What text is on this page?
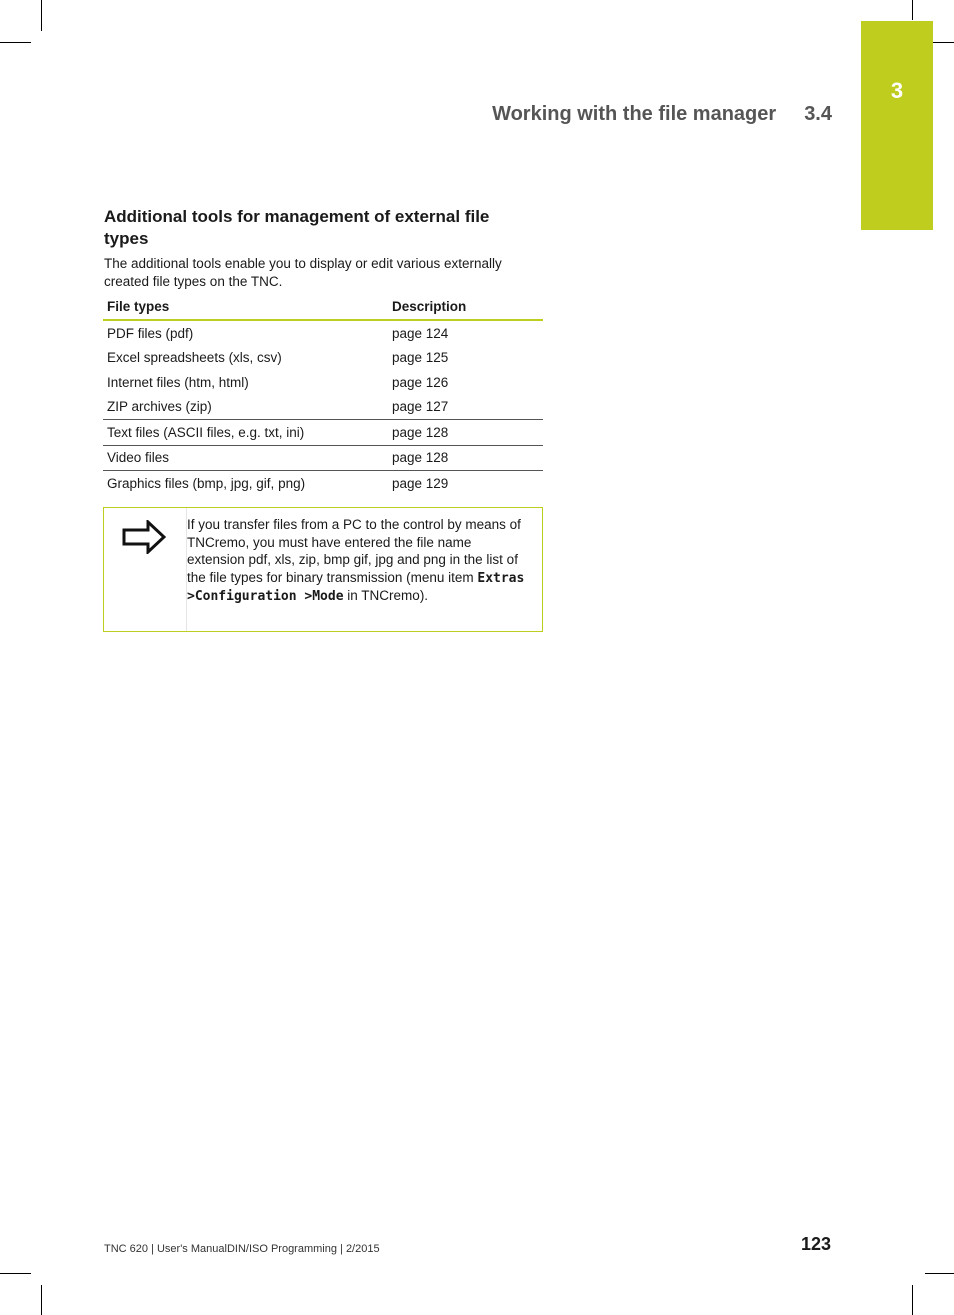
3
Working with the file manager 3.4
Additional tools for management of external file types

The additional tools enable you to display or edit various externally created file types on the TNC.

File types	Description
PDF files (pdf)	page 124
Excel spreadsheets (xls, csv)	page 125
Internet files (htm, html)	page 126
ZIP archives (zip)	page 127
Text files (ASCII files, e.g. txt, ini)	page 128
Video files	page 128
Graphics files (bmp, jpg, gif, png)	page 129
If you transfer files from a PC to the control by means of TNCremo, you must have entered the file name extension pdf, xls, zip, bmp gif, jpg and png in the list of the file types for binary transmission (menu item Extras >Configuration >Mode in TNCremo).
TNC 620 | User's ManualDIN/ISO Programming | 2/2015	123
